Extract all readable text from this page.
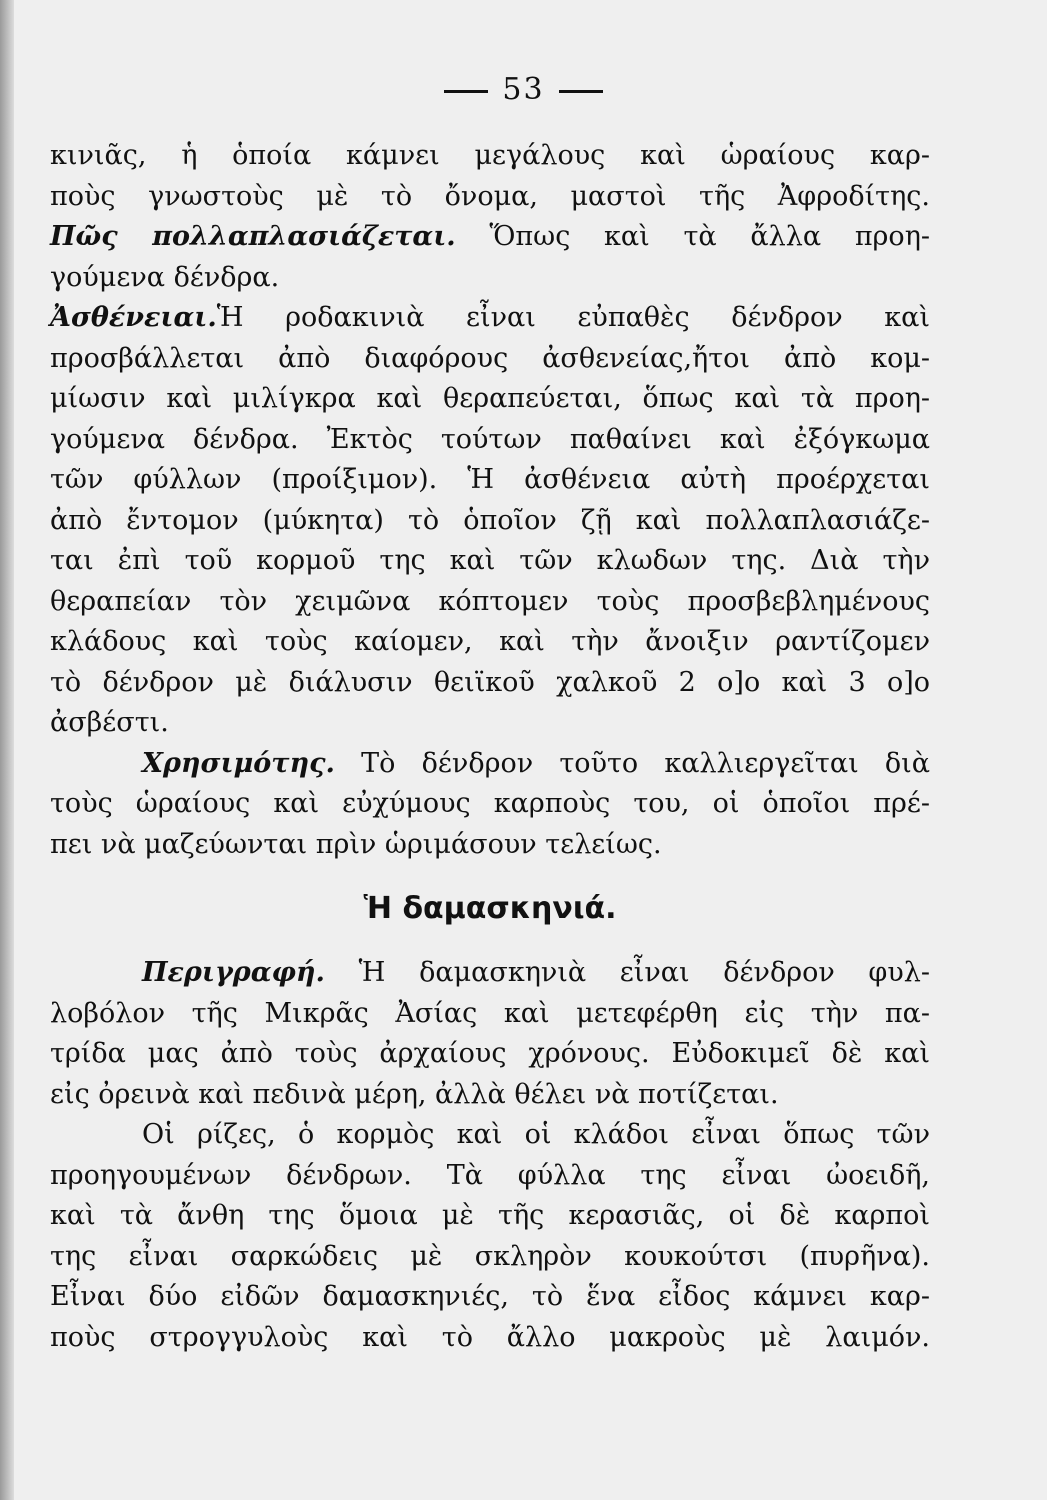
53
κινιᾶς, ἡ ὁποία κάμνει μεγάλους καὶ ὡραίους καρ-
ποὺς γνωστοὺς μὲ τὸ ὄνομα, μαστοὶ τῆς Ἀφροδίτης.
Πῶς πολλαπλασιάζεται. Ὅπως καὶ τὰ ἄλλα προη-
γούμενα δένδρα.
Ἀσθένειαι.Ἡ ροδακινιὰ εἶναι εὐπαθὲς δένδρον καὶ
προσβάλλεται ἀπὸ διαφόρους ἀσθενείας,ἤτοι ἀπὸ κομ-
μίωσιν καὶ μιλίγκρα καὶ θεραπεύεται, ὅπως καὶ τὰ προη-
γούμενα δένδρα. Ἐκτὸς τούτων παθαίνει καὶ ἐξόγκωμα
τῶν φύλλων (προίξιμον). Ἡ ἀσθένεια αὐτὴ προέρχεται
ἀπὸ ἔντομον (μύκητα) τὸ ὁποῖον ζῇ καὶ πολλαπλασιάζε-
ται ἐπὶ τοῦ κορμοῦ της καὶ τῶν κλωδων της. Διὰ τὴν
θεραπείαν τὸν χειμῶνα κόπτομεν τοὺς προσβεβλημένους
κλάδους καὶ τοὺς καίομεν, καὶ τὴν ἄνοιξιν ραντίζομεν
τὸ δένδρον μὲ διάλυσιν θειϊκοῦ χαλκοῦ 2 ο]ο καὶ 3 ο]ο
ἀσβέστι.
Χρησιμότης. Τὸ δένδρον τοῦτο καλλιεργεῖται διὰ
τοὺς ὡραίους καὶ εὐχύμους καρποὺς του, οἱ ὁποῖοι πρέ-
πει νὰ μαζεύωνται πρὶν ὡριμάσουν τελείως.
Ἡ δαμασκηνιά.
Περιγραφή. Ἡ δαμασκηνιὰ εἶναι δένδρον φυλ-
λοβόλον τῆς Μικρᾶς Ἀσίας καὶ μετεφέρθη εἰς τὴν πα-
τρίδα μας ἀπὸ τοὺς ἀρχαίους χρόνους. Εὐδοκιμεῖ δὲ καὶ
εἰς ὀρεινὰ καὶ πεδινὰ μέρη, ἀλλὰ θέλει νὰ ποτίζεται.
Οἱ ρίζες, ὁ κορμὸς καὶ οἱ κλάδοι εἶναι ὅπως τῶν
προηγουμένων δένδρων. Τὰ φύλλα της εἶναι ὠοειδῆ,
καὶ τὰ ἄνθη της ὅμοια μὲ τῆς κερασιᾶς, οἱ δὲ καρποὶ
της εἶναι σαρκώδεις μὲ σκληρὸν κουκούτσι (πυρῆνα).
Εἶναι δύο εἰδῶν δαμασκηνιές, τὸ ἕνα εἶδος κάμνει καρ-
ποὺς στρογγυλοὺς καὶ τὸ ἄλλο μακροὺς μὲ λαιμόν.
